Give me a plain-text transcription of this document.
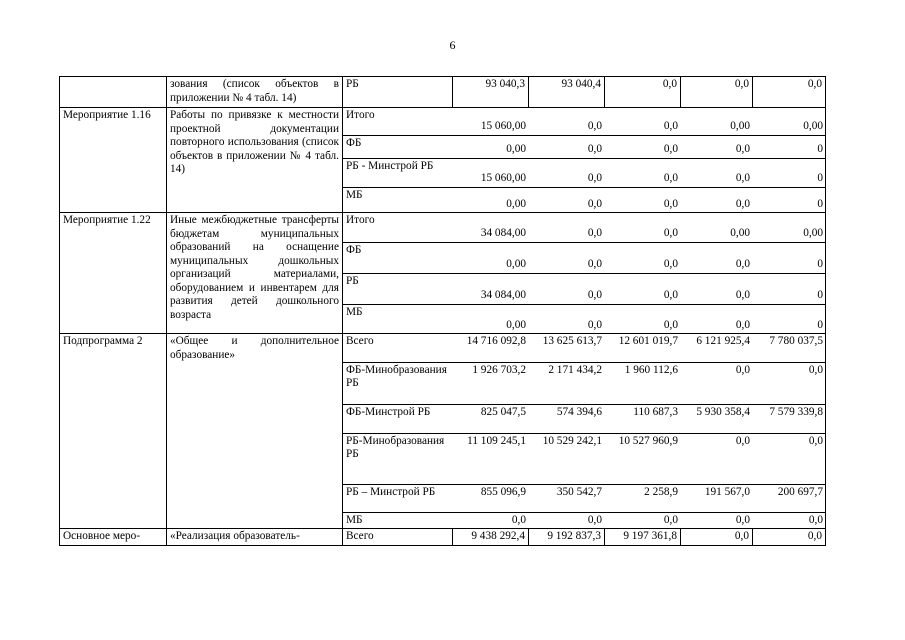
6
	зования (список объектов в приложении № 4 табл. 14)	РБ	93 040,3	93 040,4	0,0	0,0	0,0
Мероприятие 1.16	Работы по привязке к местности проектной документации повторного использования (список объектов в приложении № 4 табл. 14)	
Итого	15 060,00	0,0	0,0	0,00	0,00
ФБ	0,00	0,0	0,0	0,0	0
РБ - Минстрой РБ	15 060,00	0,0	0,0	0,0	0
МБ	0,00	0,0	0,0	0,0	0

Мероприятие 1.22	Иные межбюджетные трансферты бюджетам муниципальных образований на оснащение муниципальных дошкольных организаций материалами, оборудованием и инвентарем для развития детей дошкольного возраста	
Итого	34 084,00	0,0	0,0	0,00	0,00
ФБ	0,00	0,0	0,0	0,0	0
РБ	34 084,00	0,0	0,0	0,0	0
МБ	0,00	0,0	0,0	0,0	0

Подпрограмма 2	«Общее и дополнительное образование»	
Всего	14 716 092,8	13 625 613,7	12 601 019,7	6 121 925,4	7 780 037,5
ФБ-Минобразования РБ	1 926 703,2	2 171 434,2	1 960 112,6	0,0	0,0
ФБ-Минстрой РБ	825 047,5	574 394,6	110 687,3	5 930 358,4	7 579 339,8
РБ-Минобразования РБ	11 109 245,1	10 529 242,1	10 527 960,9	0,0	0,0
РБ – Минстрой РБ	855 096,9	350 542,7	2 258,9	191 567,0	200 697,7
МБ	0,0	0,0	0,0	0,0	0,0

Основное меро-	«Реализация образователь-	Всего	9 438 292,4	9 192 837,3	9 197 361,8	0,0	0,0
